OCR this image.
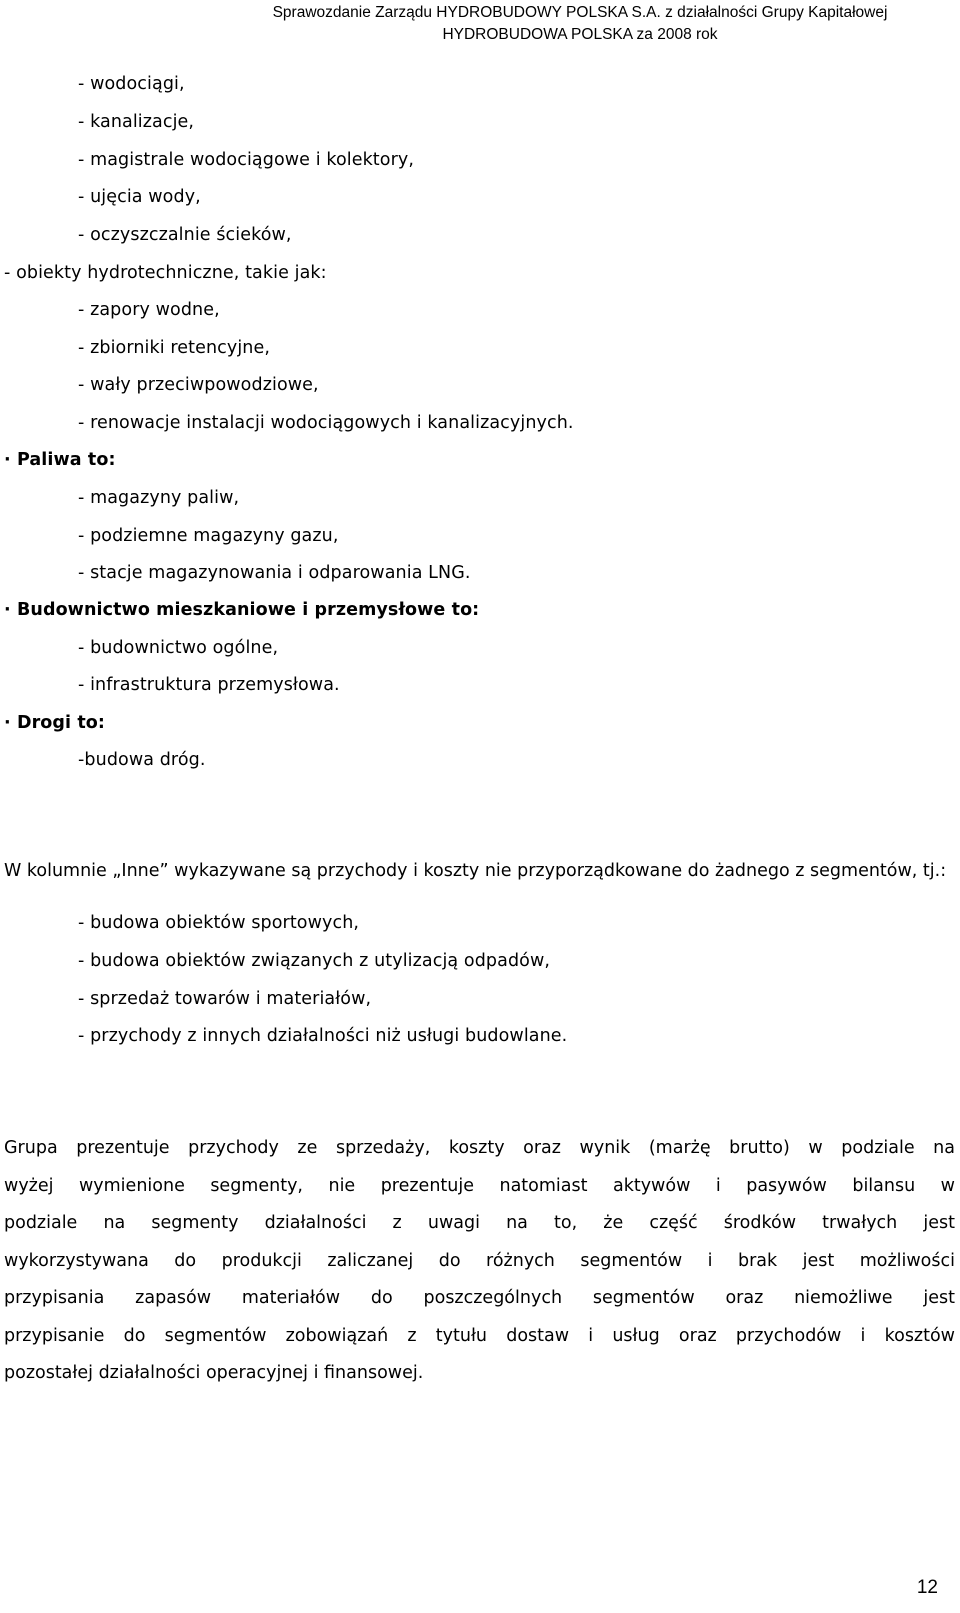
Sprawozdanie Zarządu HYDROBUDOWY POLSKA S.A. z działalności Grupy Kapitałowej
HYDROBUDOWA POLSKA za 2008 rok
- wodociągi,
- kanalizacje,
- magistrale wodociągowe i kolektory,
- ujęcia wody,
- oczyszczalnie ścieków,
- obiekty hydrotechniczne, takie jak:
- zapory wodne,
- zbiorniki retencyjne,
- wały przeciwpowodziowe,
- renowacje instalacji wodociągowych i kanalizacyjnych.
· Paliwa to:
- magazyny paliw,
- podziemne magazyny gazu,
- stacje magazynowania i odparowania LNG.
· Budownictwo mieszkaniowe i przemysłowe to:
- budownictwo ogólne,
- infrastruktura przemysłowa.
· Drogi to:
-budowa dróg.
W kolumnie „Inne” wykazywane są przychody i koszty nie przyporządkowane do żadnego z segmentów, tj.:
- budowa obiektów sportowych,
- budowa obiektów związanych z utylizacją odpadów,
- sprzedaż towarów i materiałów,
- przychody z innych działalności niż usługi budowlane.
Grupa prezentuje przychody ze sprzedaży, koszty oraz wynik (marżę brutto) w podziale na
wyżej wymienione segmenty, nie prezentuje natomiast aktywów i pasywów bilansu w
podziale na segmenty działalności z uwagi na to, że część środków trwałych jest
wykorzystywana do produkcji zaliczanej do różnych segmentów i brak jest możliwości
przypisania zapasów materiałów do poszczególnych segmentów oraz niemożliwe jest
przypisanie do segmentów zobowiązań z tytułu dostaw i usług oraz przychodów i kosztów
pozostałej działalności operacyjnej i finansowej.
12
